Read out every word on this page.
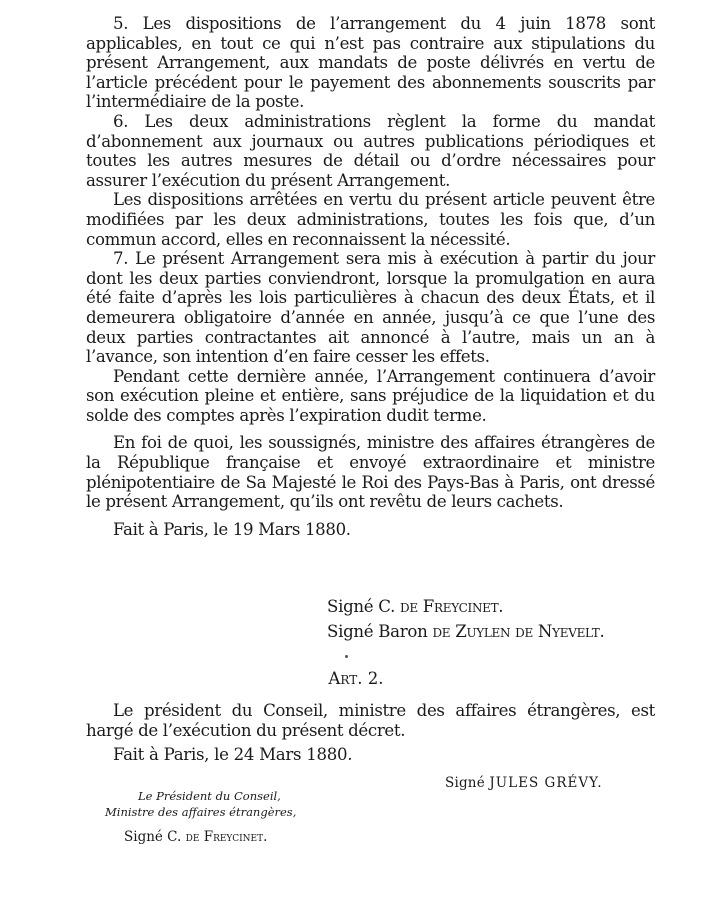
5. Les dispositions de l’arrangement du 4 juin 1878 sont applicables, en tout ce qui n’est pas contraire aux stipulations du présent Arrangement, aux mandats de poste délivrés en vertu de l’article précédent pour le payement des abonnements souscrits par l’intermédiaire de la poste.

6. Les deux administrations règlent la forme du mandat d’abonnement aux journaux ou autres publications périodiques et toutes les autres mesures de détail ou d’ordre nécessaires pour assurer l’exécution du présent Arrangement.

Les dispositions arrêtées en vertu du présent article peuvent être modifiées par les deux administrations, toutes les fois que, d’un commun accord, elles en reconnaissent la nécessité.

7. Le présent Arrangement sera mis à exécution à partir du jour dont les deux parties conviendront, lorsque la promulgation en aura été faite d’après les lois particulières à chacun des deux États, et il demeurera obligatoire d’année en année, jusqu’à ce que l’une des deux parties contractantes ait annoncé à l’autre, mais un an à l’avance, son intention d’en faire cesser les effets.

Pendant cette dernière année, l’Arrangement continuera d’avoir son exécution pleine et entière, sans préjudice de la liquidation et du solde des comptes après l’expiration dudit terme.

En foi de quoi, les soussignés, ministre des affaires étrangères de la République française et envoyé extraordinaire et ministre plénipotentiaire de Sa Majesté le Roi des Pays-Bas à Paris, ont dressé le présent Arrangement, qu’ils ont revêtu de leurs cachets.

Fait à Paris, le 19 Mars 1880.

Signé C. de Freycinet.
Signé Baron de Zuylen de Nyevelt.
Art. 2.

Le président du Conseil, ministre des affaires étrangères, est hargé de l’exécution du présent décret.

Fait à Paris, le 24 Mars 1880.
Signé JULES GRÉVY.
Le Président du Conseil,
Ministre des affaires étrangères,
Signé C. de Freycinet.
